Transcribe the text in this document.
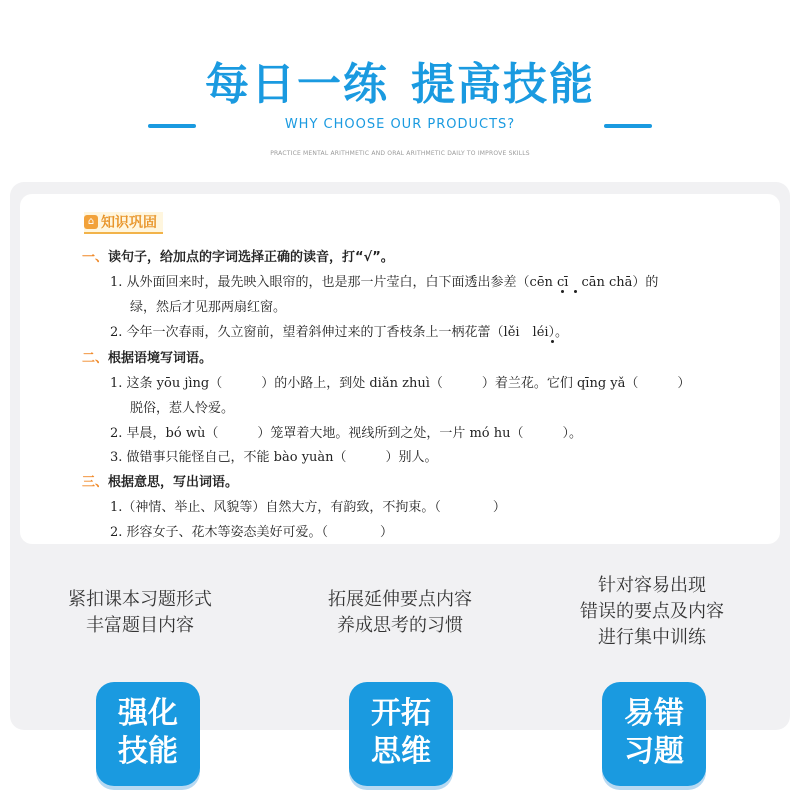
每日一练 提高技能
WHY CHOOSE OUR PRODUCTS?
PRACTICE MENTAL ARITHMETIC AND ORAL ARITHMETIC DAILY TO IMPROVE SKILLS
⌂ 知识巩固
一、读句子，给加点的字词选择正确的读音，打“√”。
1. 从外面回来时，最先映入眼帘的，也是那一片莹白，白下面透出参差（cēn cī　cān chā）的
绿，然后才见那两扇红窗。
2. 今年一次春雨，久立窗前，望着斜伸过来的丁香枝条上一柄花蕾（lěi　léi）。
二、根据语境写词语。
1. 这条 yōu jìng（　　　）的小路上，到处 diǎn zhuì（　　　）着兰花。它们 qīng yǎ（　　　）
脱俗，惹人怜爱。
2. 早晨，bó wù（　　　）笼罩着大地。视线所到之处，一片 mó hu（　　　）。
3. 做错事只能怪自己，不能 bào yuàn（　　　）别人。
三、根据意思，写出词语。
1.（神情、举止、风貌等）自然大方，有韵致，不拘束。（　　　　）
2. 形容女子、花木等姿态美好可爱。（　　　　）
紧扣课本习题形式
丰富题目内容
拓展延伸要点内容
养成思考的习惯
针对容易出现
错误的要点及内容
进行集中训练
强化
技能
开拓
思维
易错
习题
